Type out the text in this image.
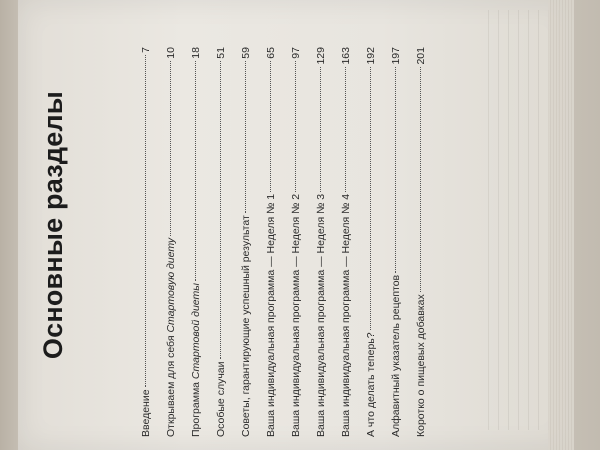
Основные разделы
Введение
7
Открываем для себя Стартовую диету
10
Программа Стартовой диеты
18
Особые случаи
51
Советы, гарантирующие успешный результат
59
Ваша индивидуальная программа — Неделя № 1
65
Ваша индивидуальная программа — Неделя № 2
97
Ваша индивидуальная программа — Неделя № 3
129
Ваша индивидуальная программа — Неделя № 4
163
А что делать теперь?
192
Алфавитный указатель рецептов
197
Коротко о пищевых добавках
201
